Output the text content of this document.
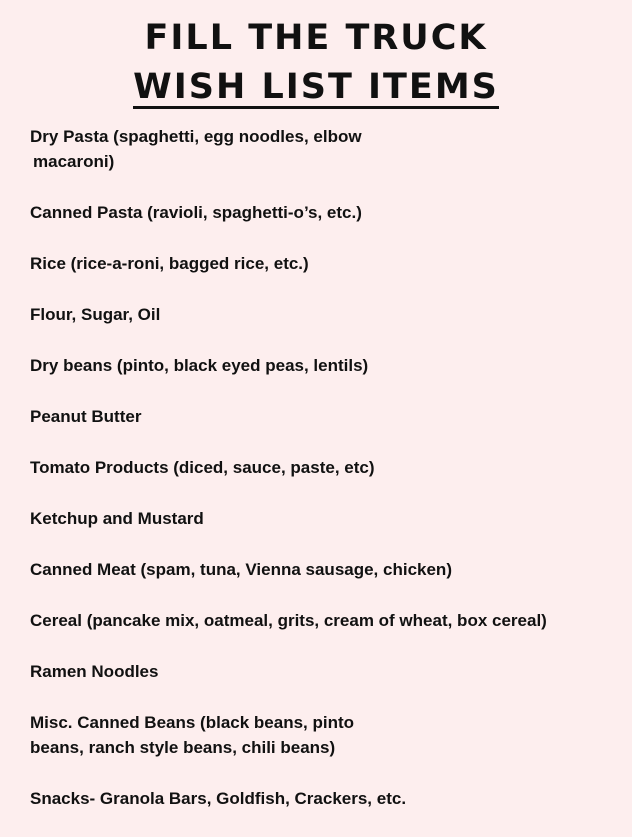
FILL THE TRUCK
WISH LIST ITEMS
Dry Pasta (spaghetti, egg noodles, elbow
macaroni)
Canned Pasta (ravioli, spaghetti-o’s, etc.)
Rice (rice-a-roni, bagged rice, etc.)
Flour, Sugar, Oil
Dry beans (pinto, black eyed peas, lentils)
Peanut Butter
Tomato Products (diced, sauce, paste, etc)
Ketchup and Mustard
Canned Meat (spam, tuna, Vienna sausage, chicken)
Cereal (pancake mix, oatmeal, grits, cream of wheat, box cereal)
Ramen Noodles
Misc. Canned Beans (black beans, pinto
beans, ranch style beans, chili beans)
Snacks- Granola Bars, Goldfish, Crackers, etc.
